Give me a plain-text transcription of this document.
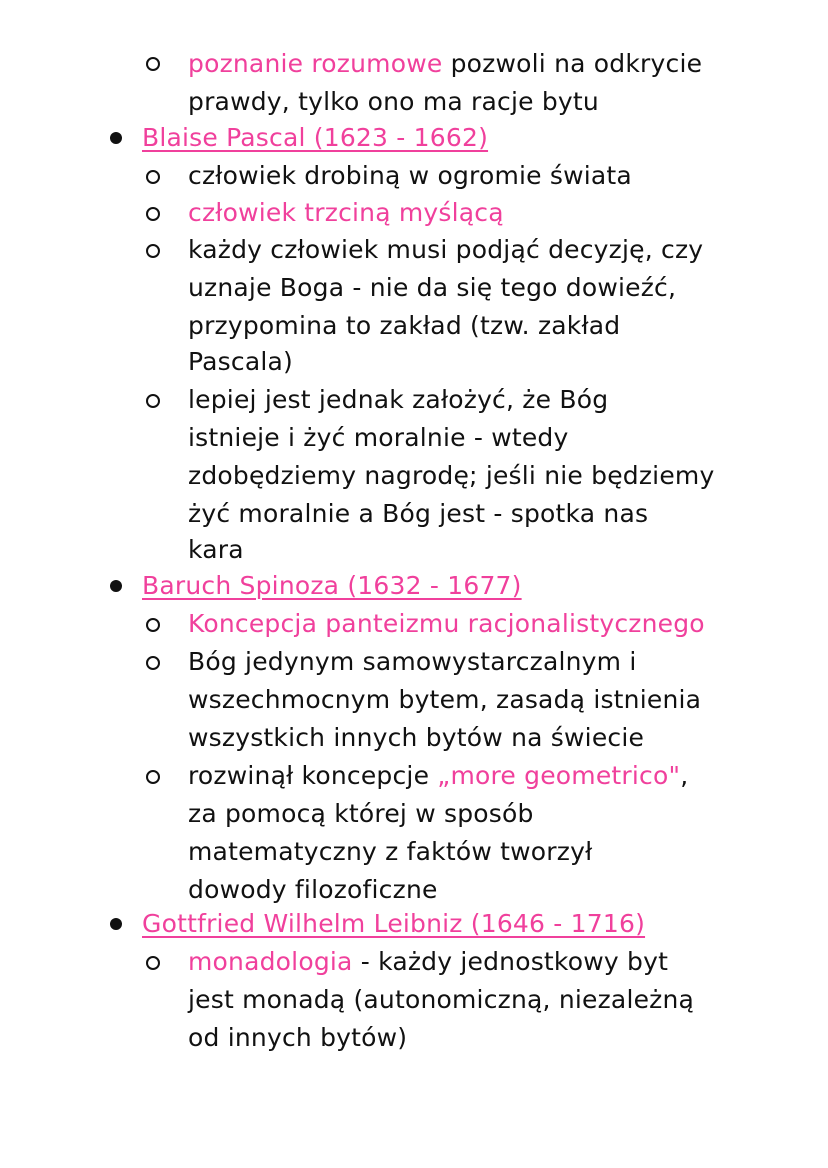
poznanie rozumowe pozwoli na odkrycie
prawdy, tylko ono ma racje bytu
Blaise Pascal (1623 - 1662)
człowiek drobiną w ogromie świata
człowiek trzciną myślącą
każdy człowiek musi podjąć decyzję, czy
uznaje Boga - nie da się tego dowieźć,
przypomina to zakład (tzw. zakład
Pascala)
lepiej jest jednak założyć, że Bóg
istnieje i żyć moralnie - wtedy
zdobędziemy nagrodę; jeśli nie będziemy
żyć moralnie a Bóg jest - spotka nas
kara
Baruch Spinoza (1632 - 1677)
Koncepcja panteizmu racjonalistycznego
Bóg jedynym samowystarczalnym i
wszechmocnym bytem, zasadą istnienia
wszystkich innych bytów na świecie
rozwinął koncepcje „more geometrico",
za pomocą której w sposób
matematyczny z faktów tworzył
dowody filozoficzne
Gottfried Wilhelm Leibniz (1646 - 1716)
monadologia - każdy jednostkowy byt
jest monadą (autonomiczną, niezależną
od innych bytów)
